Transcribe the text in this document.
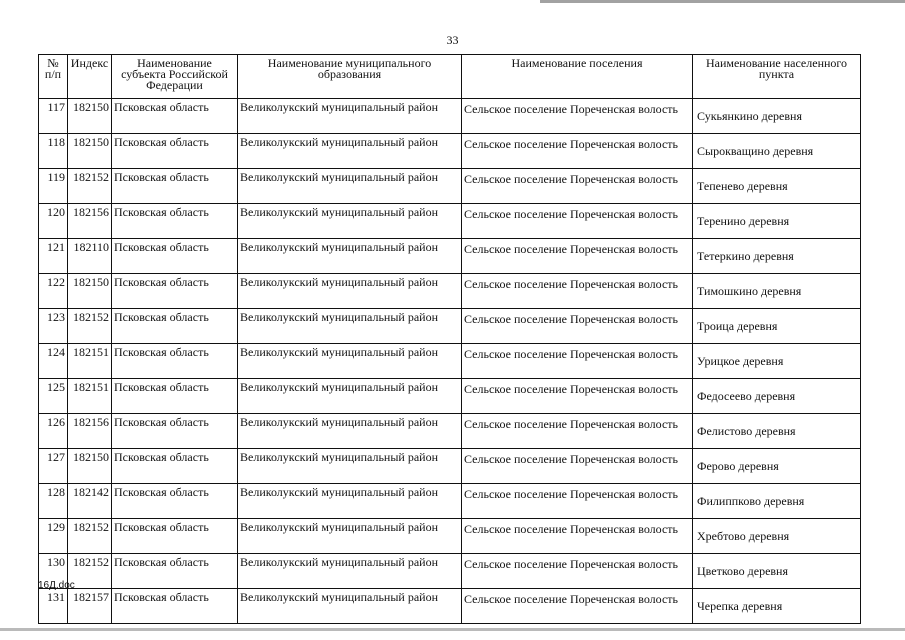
33
№ п/п	Индекс	Наименование субъекта Российской Федерации	Наименование муниципального образования	Наименование поселения	Наименование населенного пункта
117	182150	Псковская область	Великолукский муниципальный район	Сельское поселение Пореченская волость	Сукьянкино деревня
118	182150	Псковская область	Великолукский муниципальный район	Сельское поселение Пореченская волость	Сырокващино деревня
119	182152	Псковская область	Великолукский муниципальный район	Сельское поселение Пореченская волость	Тепенево деревня
120	182156	Псковская область	Великолукский муниципальный район	Сельское поселение Пореченская волость	Теренино деревня
121	182110	Псковская область	Великолукский муниципальный район	Сельское поселение Пореченская волость	Тетеркино деревня
122	182150	Псковская область	Великолукский муниципальный район	Сельское поселение Пореченская волость	Тимошкино деревня
123	182152	Псковская область	Великолукский муниципальный район	Сельское поселение Пореченская волость	Троица деревня
124	182151	Псковская область	Великолукский муниципальный район	Сельское поселение Пореченская волость	Урицкое деревня
125	182151	Псковская область	Великолукский муниципальный район	Сельское поселение Пореченская волость	Федосеево деревня
126	182156	Псковская область	Великолукский муниципальный район	Сельское поселение Пореченская волость	Фелистово деревня
127	182150	Псковская область	Великолукский муниципальный район	Сельское поселение Пореченская волость	Ферово деревня
128	182142	Псковская область	Великолукский муниципальный район	Сельское поселение Пореченская волость	Филиппково деревня
129	182152	Псковская область	Великолукский муниципальный район	Сельское поселение Пореченская волость	Хребтово деревня
130	182152	Псковская область	Великолукский муниципальный район	Сельское поселение Пореченская волость	Цветково деревня
131	182157	Псковская область	Великолукский муниципальный район	Сельское поселение Пореченская волость	Черепка деревня
16Д.doc
